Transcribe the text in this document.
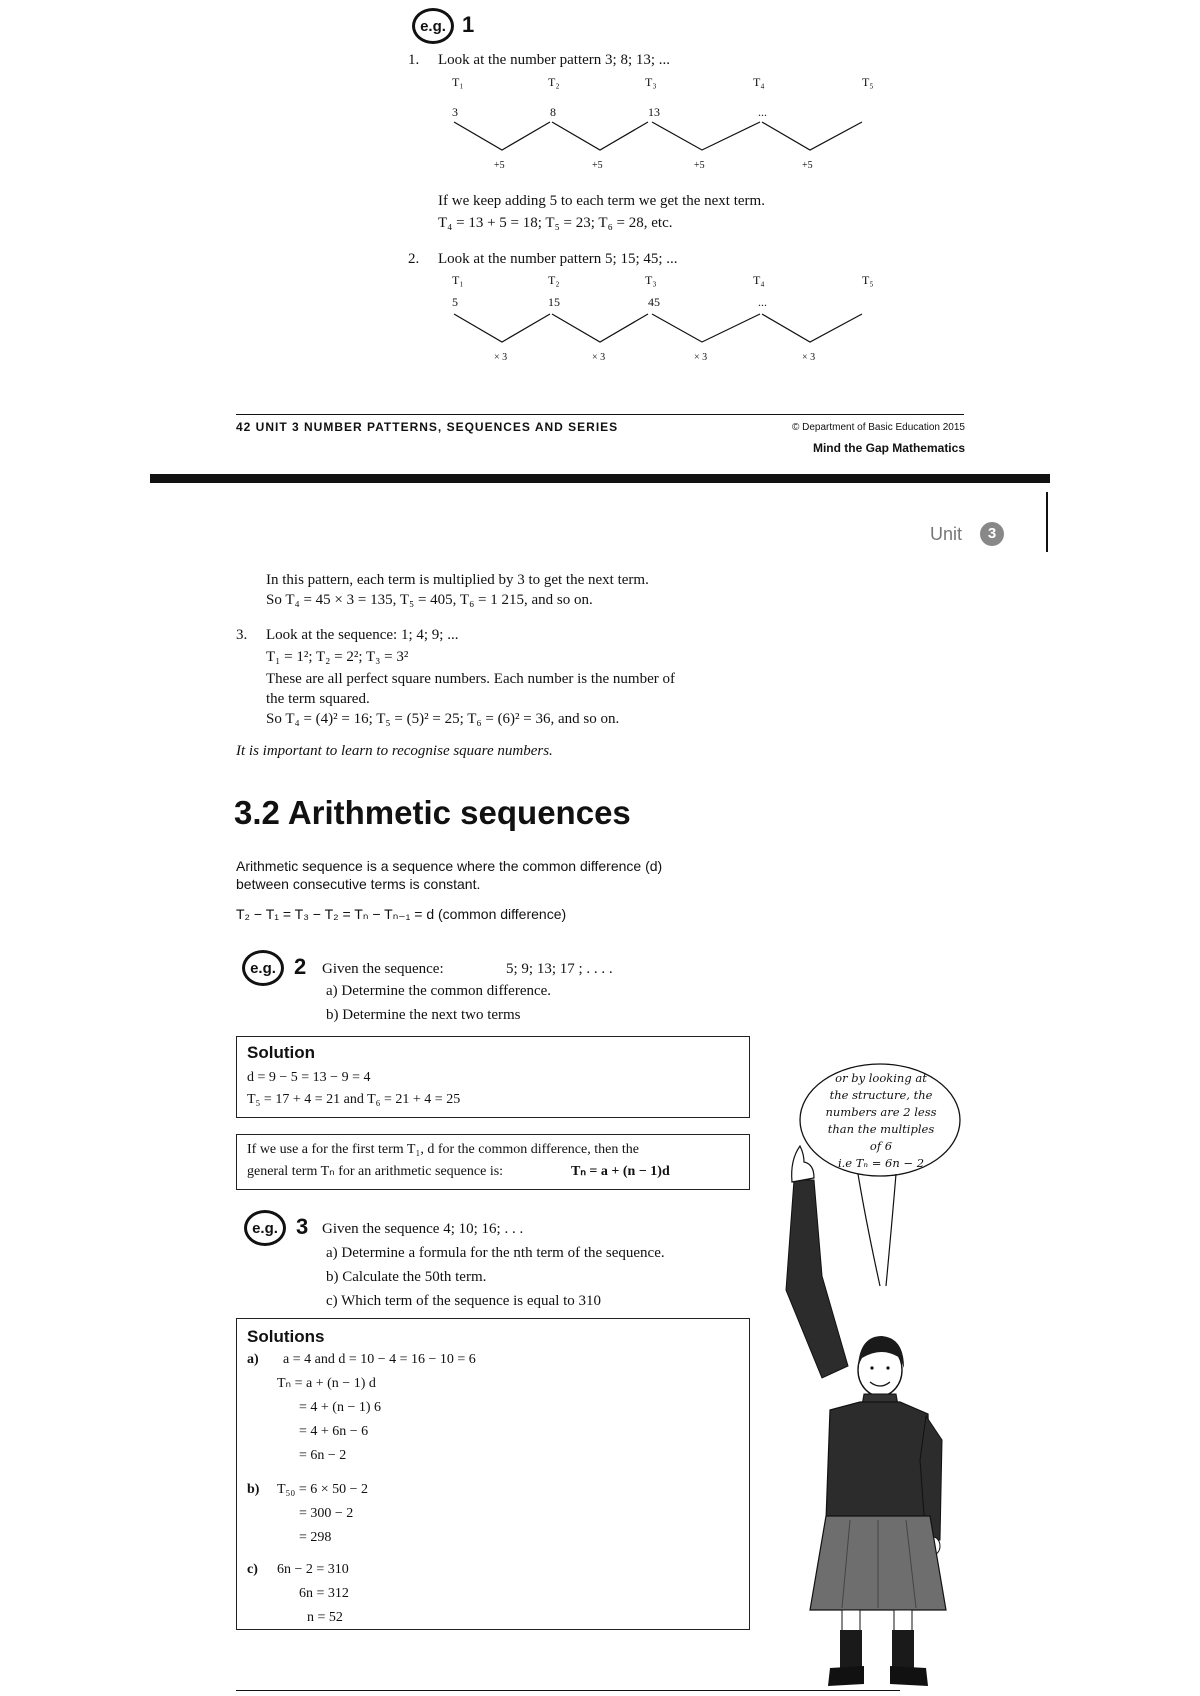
e.g. 1
1. Look at the number pattern 3; 8; 13; ...
T₁	T₂	T₃	T₄	T₅
3	8	13	...
+5	+5	+5	+5
If we keep adding 5 to each term we get the next term.
T₄ = 13 + 5 = 18; T₅ = 23; T₆ = 28, etc.
2. Look at the number pattern 5; 15; 45; ...
T₁	T₂	T₃	T₄	T₅
5	15	45	...
× 3	× 3	× 3	× 3
42 UNIT 3 NUMBER PATTERNS, SEQUENCES AND SERIES	© Department of Basic Education 2015
Mind the Gap Mathematics
Unit	3
In this pattern, each term is multiplied by 3 to get the next term.
So T₄ = 45 × 3 = 135, T₅ = 405, T₆ = 1 215, and so on.
3. Look at the sequence: 1; 4; 9; ...
T₁ = 1²; T₂ = 2²; T₃ = 3²
These are all perfect square numbers. Each number is the number of
the term squared.
So T₄ = (4)² = 16; T₅ = (5)² = 25; T₆ = (6)² = 36, and so on.
It is important to learn to recognise square numbers.
3.2 Arithmetic sequences
Arithmetic sequence is a sequence where the common difference (d)
between consecutive terms is constant.
T₂ − T₁ = T₃ − T₂ = Tₙ − Tₙ₋₁ = d (common difference)
e.g. 2 Given the sequence:	5; 9; 13; 17 ; . . . .
a) Determine the common difference.
b) Determine the next two terms
Solution
d = 9 − 5 = 13 − 9 = 4
T₅ = 17 + 4 = 21 and T₆ = 21 + 4 = 25
If we use a for the first term T₁, d for the common difference, then the
general term Tₙ for an arithmetic sequence is:	Tₙ = a + (n − 1)d
e.g. 3 Given the sequence 4; 10; 16; . . .
a) Determine a formula for the nth term of the sequence.
b) Calculate the 50th term.
c) Which term of the sequence is equal to 310
Solutions
a) a = 4 and d = 10 − 4 = 16 − 10 = 6
Tₙ = a + (n − 1) d
= 4 + (n − 1) 6
= 4 + 6n − 6
= 6n − 2
b) T₅₀ = 6 × 50 − 2
= 300 − 2
= 298
c) 6n − 2 = 310
6n = 312
n = 52
or by looking at
the structure, the
numbers are 2 less
than the multiples
of 6
i.e Tₙ = 6n − 2
